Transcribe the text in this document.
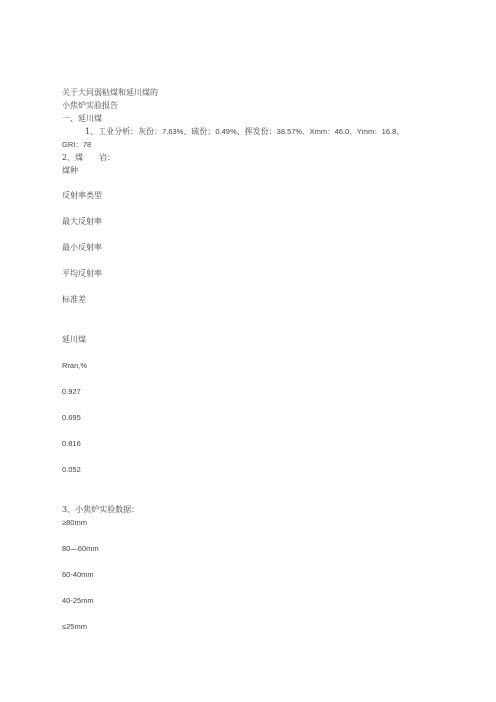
关于大同弱粘煤和延川煤的
小焦炉实验报告
一、延川煤
1、工业分析：灰份：7.63%、硫份：0.49%、挥发份：38.57%、Xmm：46.0、Ymm：16.8、
GRI：78
2、煤　　岩：
煤种
反射率类型
最大反射率
最小反射率
平均反射率
标准差
延川煤
Rran,%
0.927
0.695
0.816
0.052
3、小焦炉实验数据：
≥80mm
80—60mm
60-40mm
40-25mm
≤25mm
